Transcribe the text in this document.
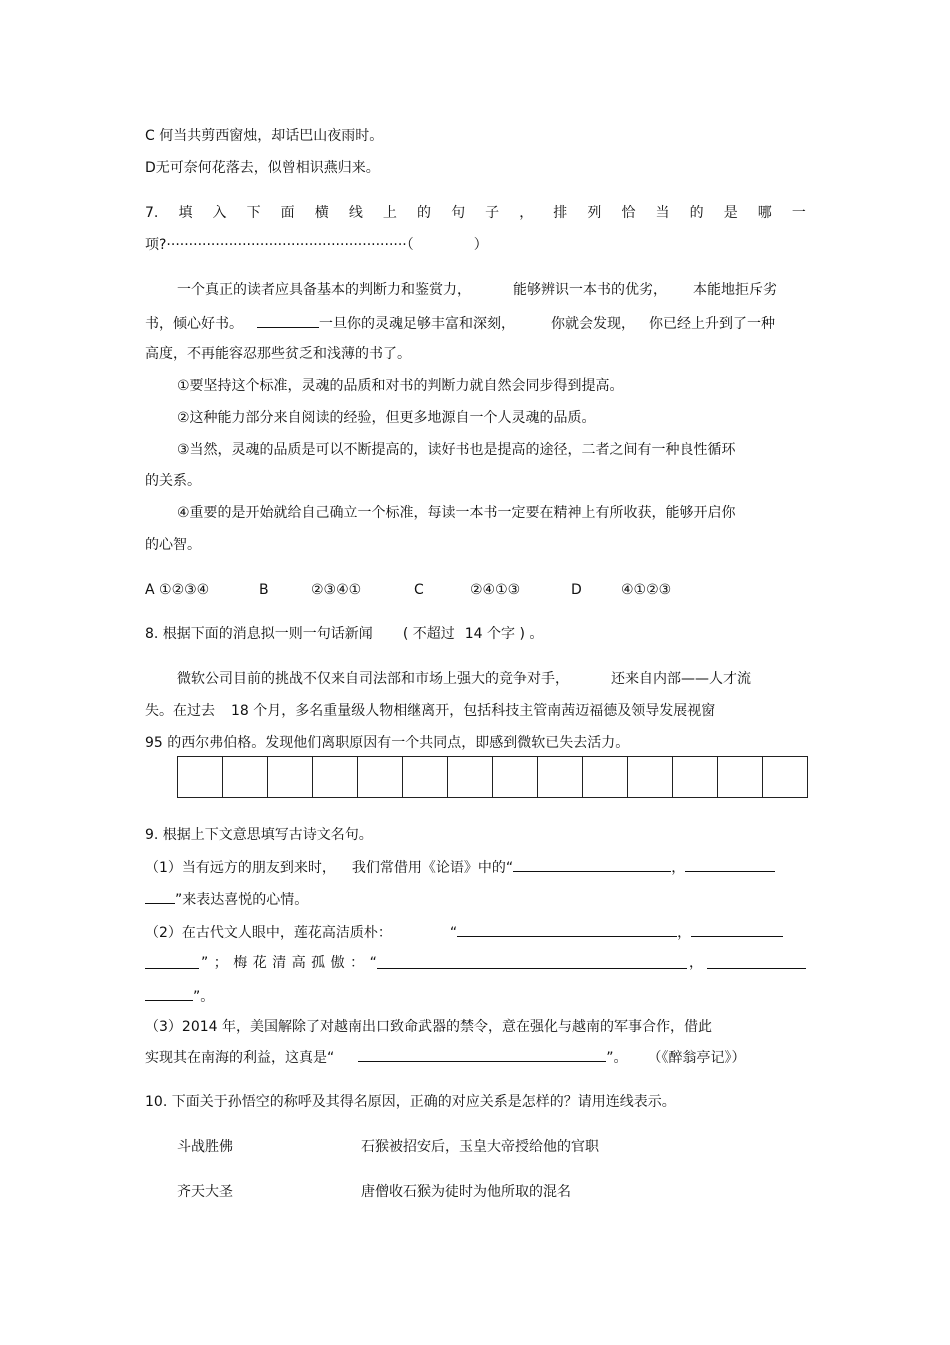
C 何当共剪西窗烛，却话巴山夜雨时。
D无可奈何花落去，似曾相识燕归来。
7. 填 入 下 面 横 线 上 的 句 子 ， 排 列 恰 当 的 是 哪 一
项?······················································（	）
一个真正的读者应具备基本的判断力和鉴赏力，	能够辨识一本书的优劣， 本能地拒斥劣
书，倾心好书。	一旦你的灵魂足够丰富和深刻，	你就会发现， 你已经上升到了一种
高度，不再能容忍那些贫乏和浅薄的书了。
①要坚持这个标准，灵魂的品质和对书的判断力就自然会同步得到提高。
②这种能力部分来自阅读的经验，但更多地源自一个人灵魂的品质。
③当然，灵魂的品质是可以不断提高的，读好书也是提高的途径，二者之间有一种良性循环
的关系。
④重要的是开始就给自己确立一个标准，每读一本书一定要在精神上有所收获，能够开启你
的心智。
A ①②③④	B	②③④①	C	②④①③	D	④①②③
8. 根据下面的消息拟一则一句话新闻 ( 不超过 14 个字 ) 。
微软公司目前的挑战不仅来自司法部和市场上强大的竞争对手，	还来自内部——人才流
失。在过去 18 个月，多名重量级人物相继离开，包括科技主管南茜迈福德及领导发展视窗
95 的西尔弗伯格。发现他们离职原因有一个共同点，即感到微软已失去活力。
9. 根据上下文意思填写古诗文名句。
（1）当有远方的朋友到来时， 我们常借用《论语》中的“	，
”来表达喜悦的心情。
（2）在古代文人眼中，莲花高洁质朴：	“	，
” ； 梅 花 清 高 孤 傲 ： “	，
”。
（3）2014 年，美国解除了对越南出口致命武器的禁令，意在强化与越南的军事合作，借此
实现其在南海的利益，这真是“	”。 （《醉翁亭记》）
10. 下面关于孙悟空的称呼及其得名原因，正确的对应关系是怎样的？请用连线表示。
斗战胜佛	石猴被招安后，玉皇大帝授给他的官职
齐天大圣	唐僧收石猴为徒时为他所取的混名
